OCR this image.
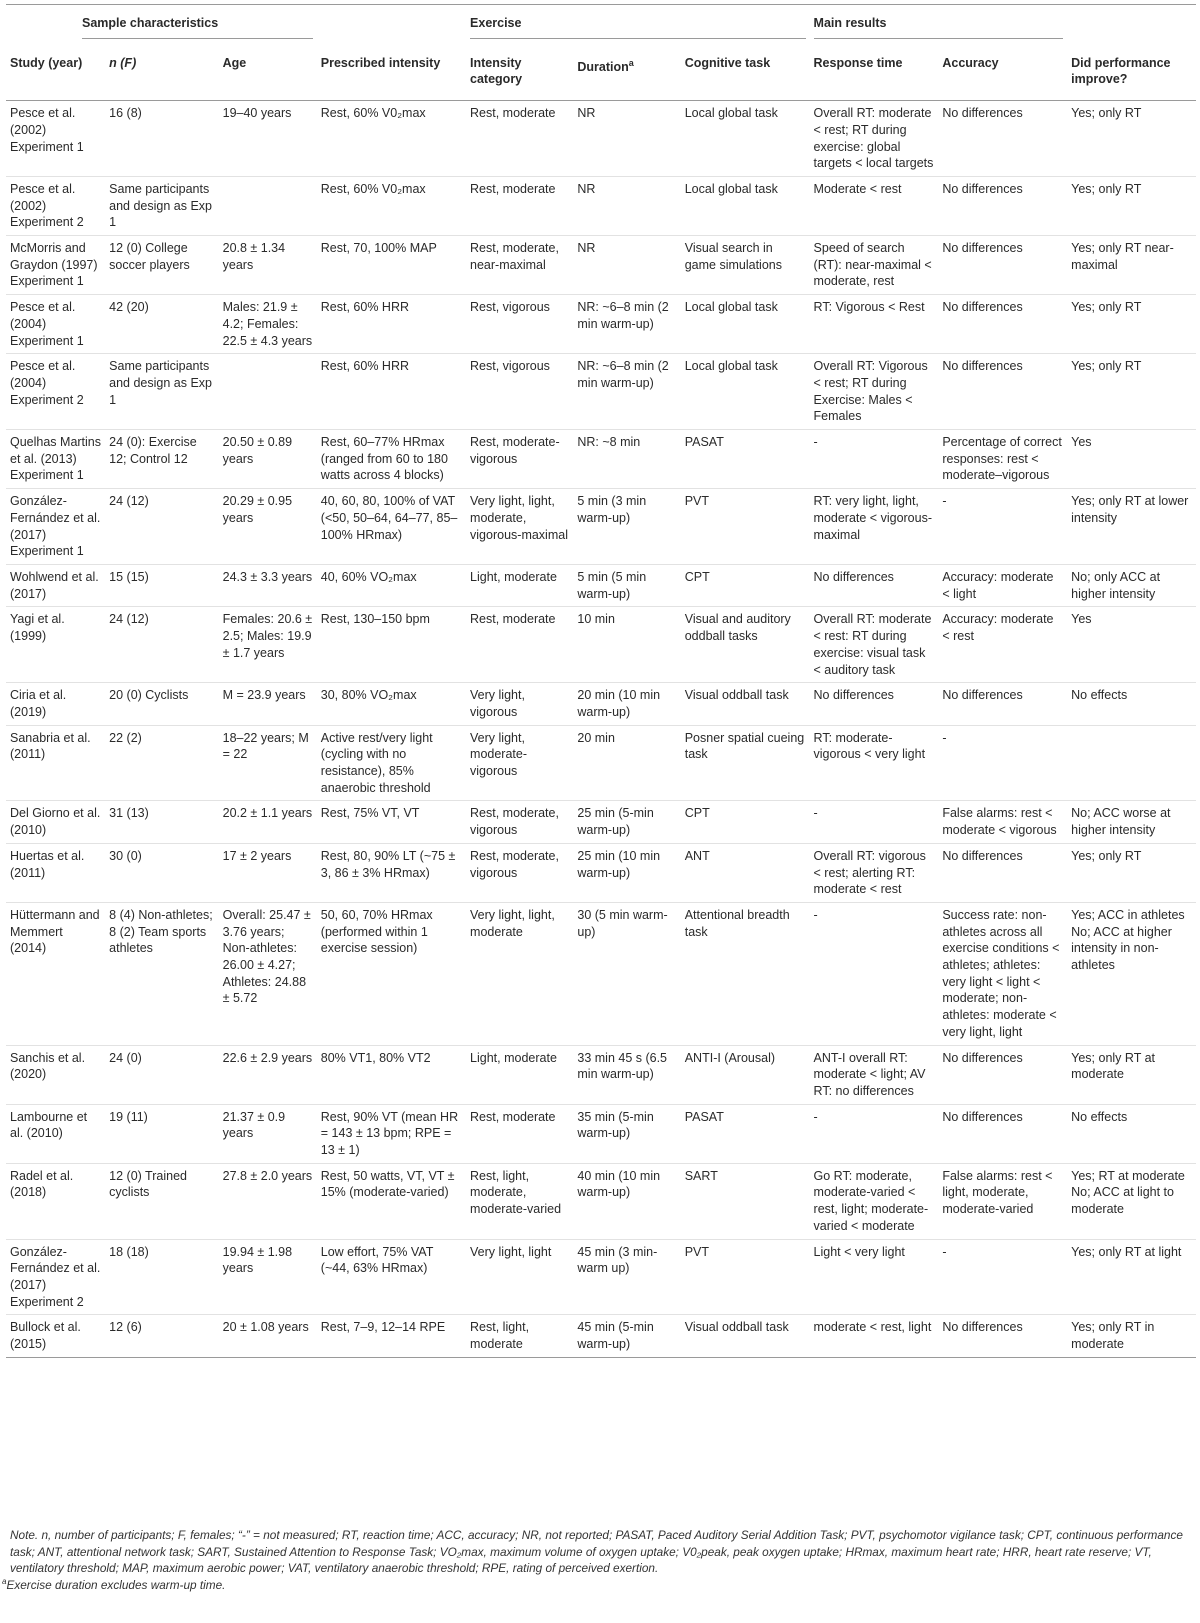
Sample characteristics				Exercise			Main results		

Study (year)	n (F)	Age	Prescribed intensity	Intensity category	Duration$^a$	Cognitive task	Response time	Accuracy	Did performance improve?
Pesce et al. (2002) Experiment 1	16 (8)	19–40 years	Rest, 60% V0₂max	Rest, moderate	NR	Local global task	Overall RT: moderate < rest; RT during exercise: global targets < local targets	No differences	Yes; only RT
Pesce et al. (2002) Experiment 2	Same participants and design as Exp 1		Rest, 60% V0₂max	Rest, moderate	NR	Local global task	Moderate < rest	No differences	Yes; only RT
McMorris and Graydon (1997) Experiment 1	12 (0) College soccer players	20.8 ± 1.34 years	Rest, 70, 100% MAP	Rest, moderate, near-maximal	NR	Visual search in game simulations	Speed of search (RT): near-maximal < moderate, rest	No differences	Yes; only RT near-maximal
Pesce et al. (2004) Experiment 1	42 (20)	Males: 21.9 ± 4.2; Females: 22.5 ± 4.3 years	Rest, 60% HRR	Rest, vigorous	NR: ~6–8 min (2 min warm-up)	Local global task	RT: Vigorous < Rest	No differences	Yes; only RT
Pesce et al. (2004) Experiment 2	Same participants and design as Exp 1		Rest, 60% HRR	Rest, vigorous	NR: ~6–8 min (2 min warm-up)	Local global task	Overall RT: Vigorous < rest; RT during Exercise: Males < Females	No differences	Yes; only RT
Quelhas Martins et al. (2013) Experiment 1	24 (0): Exercise 12; Control 12	20.50 ± 0.89 years	Rest, 60–77% HRmax (ranged from 60 to 180 watts across 4 blocks)	Rest, moderate-vigorous	NR: ~8 min	PASAT	-	Percentage of correct responses: rest < moderate–vigorous	Yes
González-Fernández et al. (2017) Experiment 1	24 (12)	20.29 ± 0.95 years	40, 60, 80, 100% of VAT (<50, 50–64, 64–77, 85–100% HRmax)	Very light, light, moderate, vigorous-maximal	5 min (3 min warm-up)	PVT	RT: very light, light, moderate < vigorous-maximal	-	Yes; only RT at lower intensity
Wohlwend et al. (2017)	15 (15)	24.3 ± 3.3 years	40, 60% VO₂max	Light, moderate	5 min (5 min warm-up)	CPT	No differences	Accuracy: moderate < light	No; only ACC at higher intensity
Yagi et al. (1999)	24 (12)	Females: 20.6 ± 2.5; Males: 19.9 ± 1.7 years	Rest, 130–150 bpm	Rest, moderate	10 min	Visual and auditory oddball tasks	Overall RT: moderate < rest: RT during exercise: visual task < auditory task	Accuracy: moderate < rest	Yes
Ciria et al. (2019)	20 (0) Cyclists	M = 23.9 years	30, 80% VO₂max	Very light, vigorous	20 min (10 min warm-up)	Visual oddball task	No differences	No differences	No effects
Sanabria et al. (2011)	22 (2)	18–22 years; M = 22	Active rest/very light (cycling with no resistance), 85% anaerobic threshold	Very light, moderate-vigorous	20 min	Posner spatial cueing task	RT: moderate-vigorous < very light	-	
Del Giorno et al. (2010)	31 (13)	20.2 ± 1.1 years	Rest, 75% VT, VT	Rest, moderate, vigorous	25 min (5-min warm-up)	CPT	-	False alarms: rest < moderate < vigorous	No; ACC worse at higher intensity
Huertas et al. (2011)	30 (0)	17 ± 2 years	Rest, 80, 90% LT (~75 ± 3, 86 ± 3% HRmax)	Rest, moderate, vigorous	25 min (10 min warm-up)	ANT	Overall RT: vigorous < rest; alerting RT: moderate < rest	No differences	Yes; only RT
Hüttermann and Memmert (2014)	8 (4) Non-athletes; 8 (2) Team sports athletes	Overall: 25.47 ± 3.76 years; Non-athletes: 26.00 ± 4.27; Athletes: 24.88 ± 5.72	50, 60, 70% HRmax (performed within 1 exercise session)	Very light, light, moderate	30 (5 min warm-up)	Attentional breadth task	-	Success rate: non-athletes across all exercise conditions < athletes; athletes: very light < light < moderate; non-athletes: moderate < very light, light	Yes; ACC in athletes No; ACC at higher intensity in non-athletes
Sanchis et al. (2020)	24 (0)	22.6 ± 2.9 years	80% VT1, 80% VT2	Light, moderate	33 min 45 s (6.5 min warm-up)	ANTI-I (Arousal)	ANT-I overall RT: moderate < light; AV RT: no differences	No differences	Yes; only RT at moderate
Lambourne et al. (2010)	19 (11)	21.37 ± 0.9 years	Rest, 90% VT (mean HR = 143 ± 13 bpm; RPE = 13 ± 1)	Rest, moderate	35 min (5-min warm-up)	PASAT	-	No differences	No effects
Radel et al. (2018)	12 (0) Trained cyclists	27.8 ± 2.0 years	Rest, 50 watts, VT, VT ± 15% (moderate-varied)	Rest, light, moderate, moderate-varied	40 min (10 min warm-up)	SART	Go RT: moderate, moderate-varied < rest, light; moderate-varied < moderate	False alarms: rest < light, moderate, moderate-varied	Yes; RT at moderate No; ACC at light to moderate
González-Fernández et al. (2017) Experiment 2	18 (18)	19.94 ± 1.98 years	Low effort, 75% VAT (~44, 63% HRmax)	Very light, light	45 min (3 min-warm up)	PVT	Light < very light	-	Yes; only RT at light
Bullock et al. (2015)	12 (6)	20 ± 1.08 years	Rest, 7–9, 12–14 RPE	Rest, light, moderate	45 min (5-min warm-up)	Visual oddball task	moderate < rest, light	No differences	Yes; only RT in moderate
Note. n, number of participants; F, females; “-” = not measured; RT, reaction time; ACC, accuracy; NR, not reported; PASAT, Paced Auditory Serial Addition Task; PVT, psychomotor vigilance task; CPT, continuous performance task; ANT, attentional network task; SART, Sustained Attention to Response Task; VO₂max, maximum volume of oxygen uptake; V0₂peak, peak oxygen uptake; HRmax, maximum heart rate; HRR, heart rate reserve; VT, ventilatory threshold; MAP, maximum aerobic power; VAT, ventilatory anaerobic threshold; RPE, rating of perceived exertion.
$^a$Exercise duration excludes warm-up time.
